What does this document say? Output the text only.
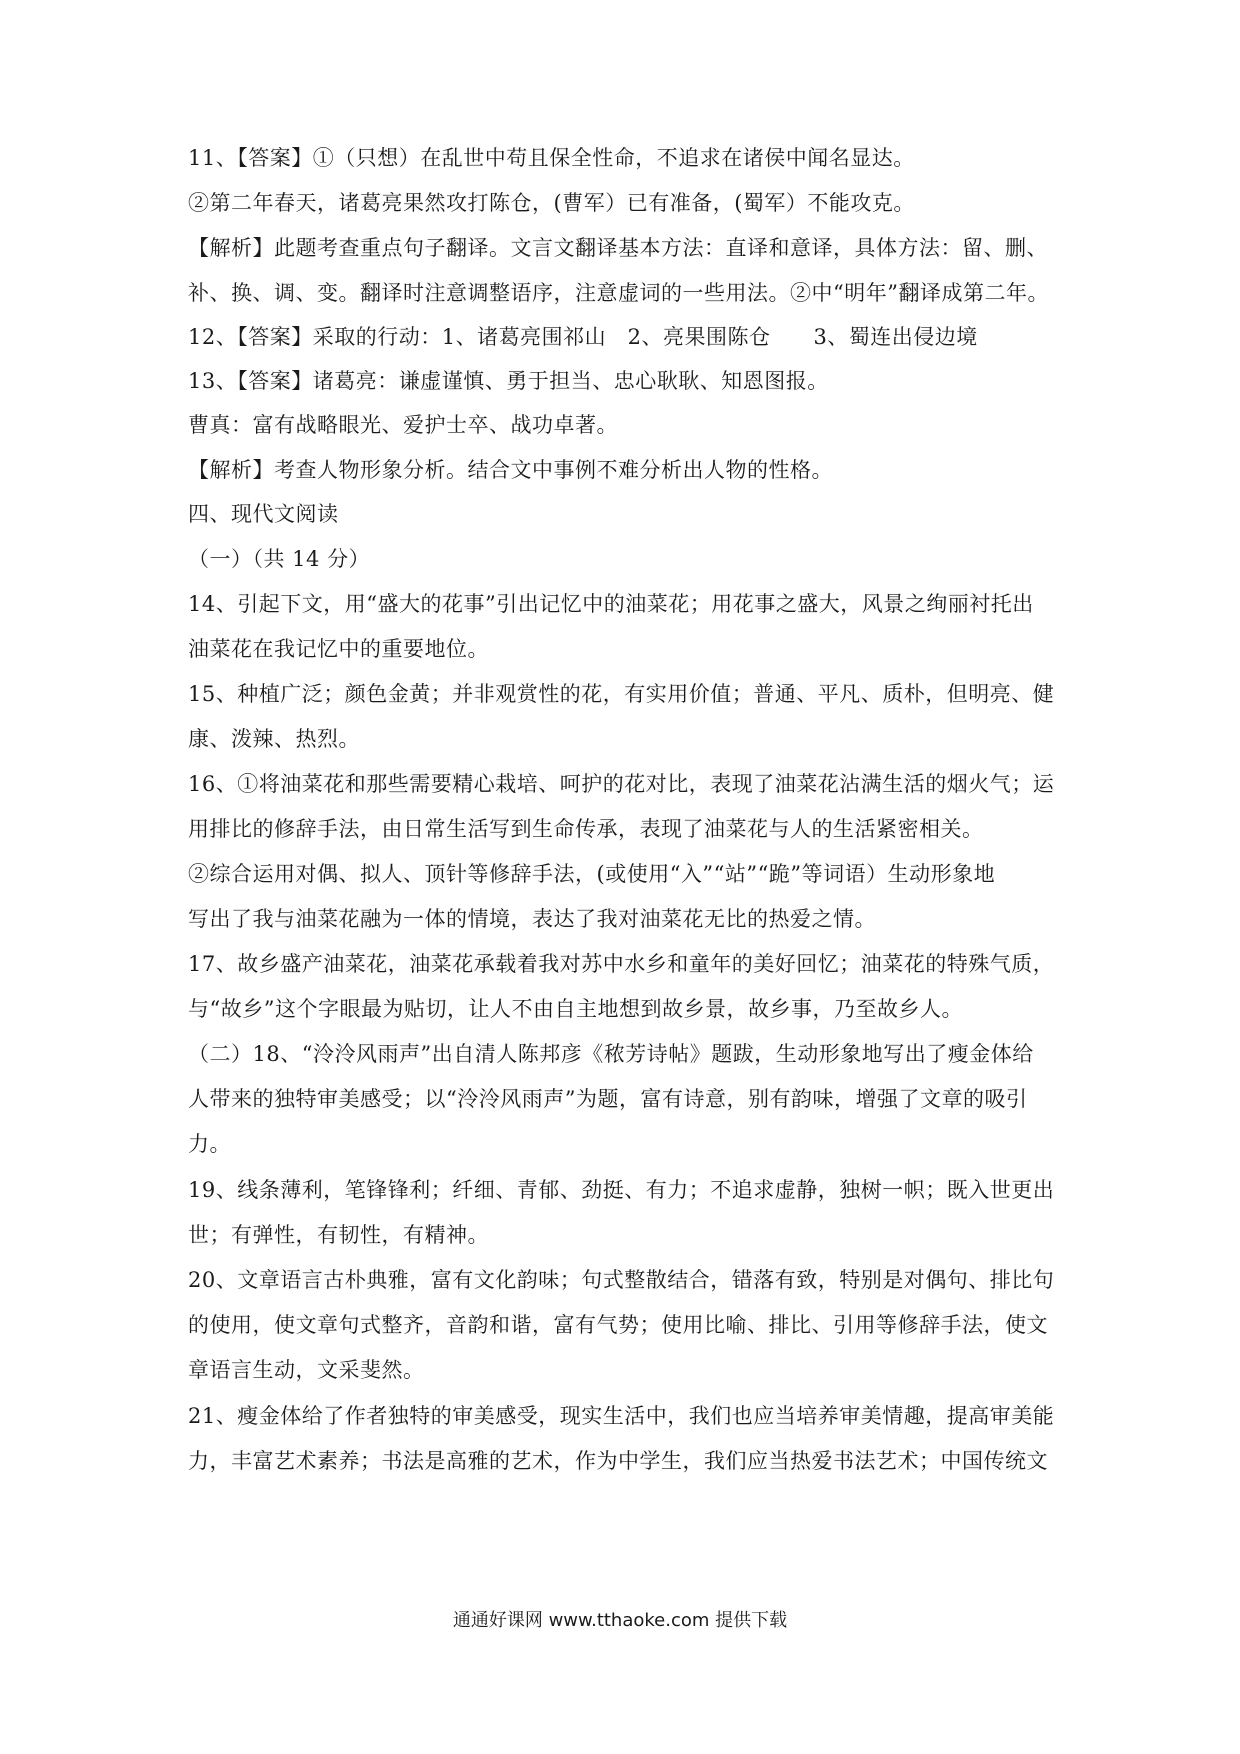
11、【答案】①（只想）在乱世中苟且保全性命，不追求在诸侯中闻名显达。
②第二年春天，诸葛亮果然攻打陈仓，(曹军）已有准备，(蜀军）不能攻克。
【解析】此题考查重点句子翻译。文言文翻译基本方法：直译和意译，具体方法：留、删、
补、换、调、变。翻译时注意调整语序，注意虚词的一些用法。②中“明年”翻译成第二年。
12、【答案】采取的行动：1、诸葛亮围祁山　2、亮果围陈仓　　3、蜀连出侵边境
13、【答案】诸葛亮：谦虚谨慎、勇于担当、忠心耿耿、知恩图报。
曹真：富有战略眼光、爱护士卒、战功卓著。
【解析】考查人物形象分析。结合文中事例不难分析出人物的性格。
四、现代文阅读
（一）（共 14 分）
14、引起下文，用“盛大的花事”引出记忆中的油菜花；用花事之盛大，风景之绚丽衬托出
油菜花在我记忆中的重要地位。
15、种植广泛；颜色金黄；并非观赏性的花，有实用价值；普通、平凡、质朴，但明亮、健
康、泼辣、热烈。
16、①将油菜花和那些需要精心栽培、呵护的花对比，表现了油菜花沾满生活的烟火气；运
用排比的修辞手法，由日常生活写到生命传承，表现了油菜花与人的生活紧密相关。
②综合运用对偶、拟人、顶针等修辞手法，(或使用“入”“站”“跪”等词语）生动形象地
写出了我与油菜花融为一体的情境，表达了我对油菜花无比的热爱之情。
17、故乡盛产油菜花，油菜花承载着我对苏中水乡和童年的美好回忆；油菜花的特殊气质，
与“故乡”这个字眼最为贴切，让人不由自主地想到故乡景，故乡事，乃至故乡人。
（二）18、“泠泠风雨声”出自清人陈邦彦《秾芳诗帖》题跋，生动形象地写出了瘦金体给
人带来的独特审美感受；以“泠泠风雨声”为题，富有诗意，别有韵味，增强了文章的吸引
力。
19、线条薄利，笔锋锋利；纤细、青郁、劲挺、有力；不追求虚静，独树一帜；既入世更出
世；有弹性，有韧性，有精神。
20、文章语言古朴典雅，富有文化韵味；句式整散结合，错落有致，特别是对偶句、排比句
的使用，使文章句式整齐，音韵和谐，富有气势；使用比喻、排比、引用等修辞手法，使文
章语言生动，文采斐然。
21、瘦金体给了作者独特的审美感受，现实生活中，我们也应当培养审美情趣，提高审美能
力，丰富艺术素养；书法是高雅的艺术，作为中学生，我们应当热爱书法艺术；中国传统文
通通好课网 www.tthaoke.com 提供下载
